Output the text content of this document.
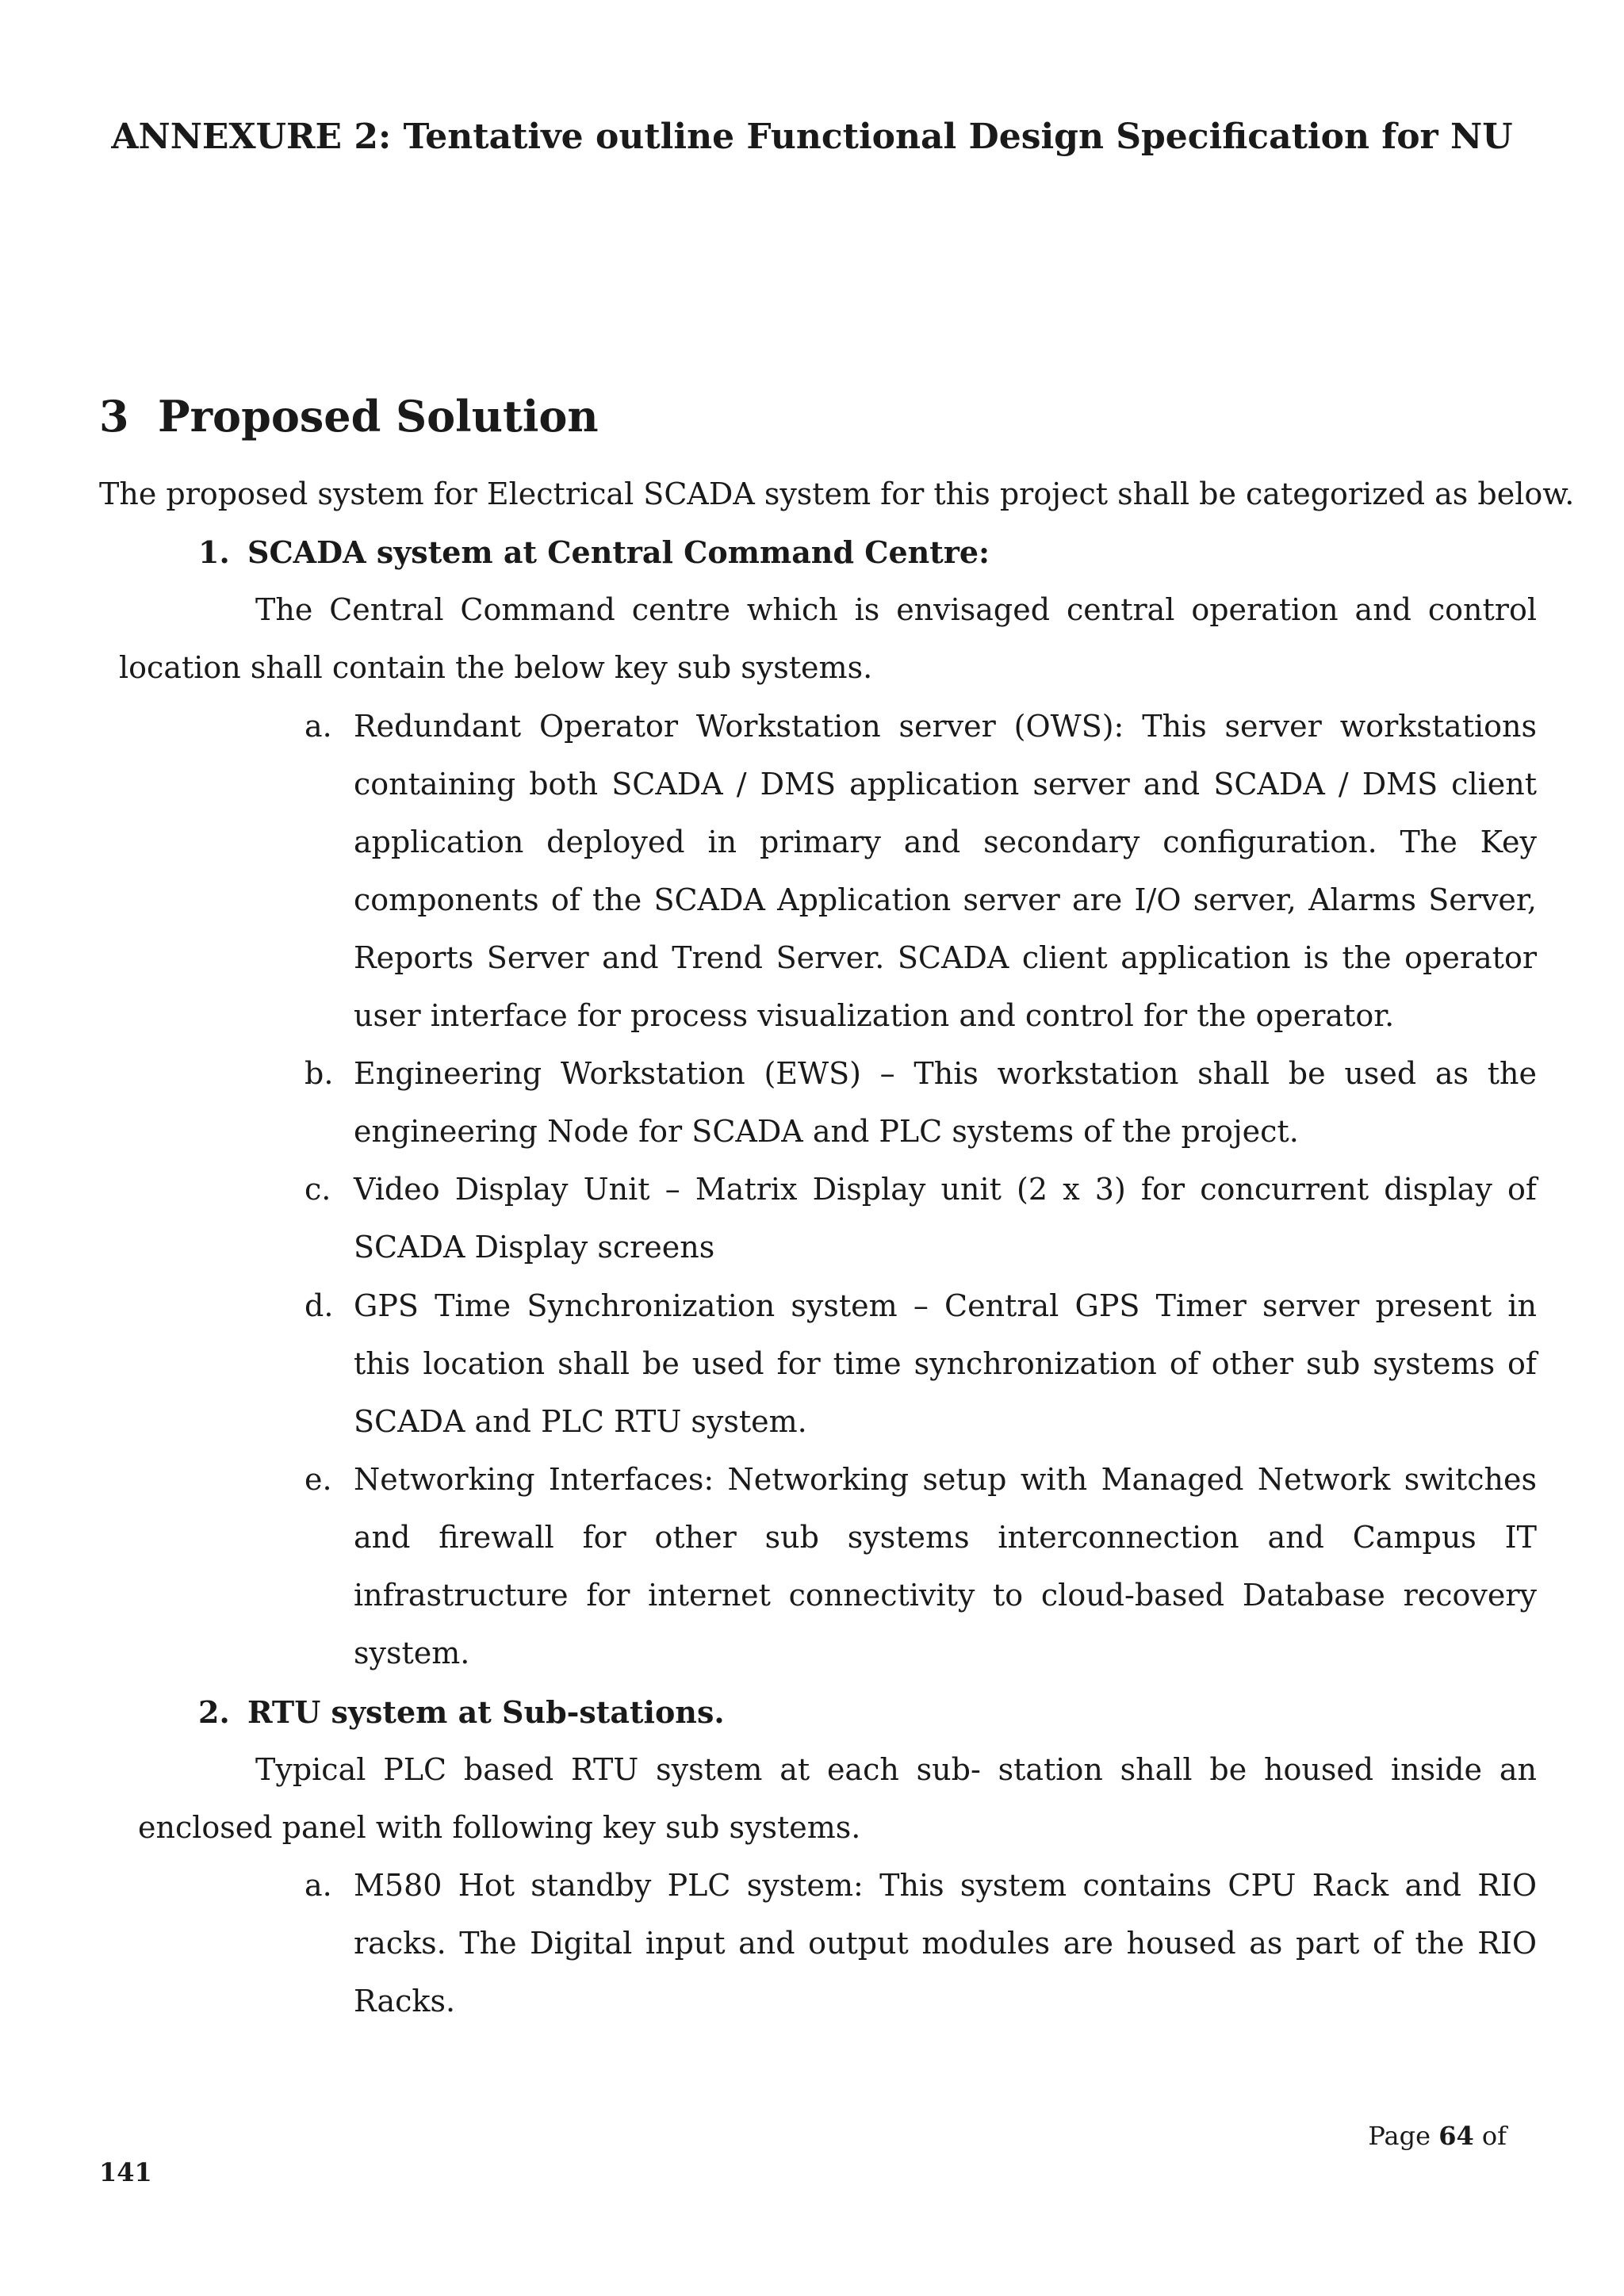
ANNEXURE 2: Tentative outline Functional Design Specification for NU
3 Proposed Solution

The proposed system for Electrical SCADA system for this project shall be categorized as below.

1. SCADA system at Central Command Centre:

The Central Command centre which is envisaged central operation and control location shall contain the below key sub systems.

a. Redundant Operator Workstation server (OWS): This server workstations containing both SCADA / DMS application server and SCADA / DMS client application deployed in primary and secondary configuration. The Key components of the SCADA Application server are I/O server, Alarms Server, Reports Server and Trend Server. SCADA client application is the operator user interface for process visualization and control for the operator.
b. Engineering Workstation (EWS) – This workstation shall be used as the engineering Node for SCADA and PLC systems of the project.
c. Video Display Unit – Matrix Display unit (2 x 3) for concurrent display of SCADA Display screens
d. GPS Time Synchronization system – Central GPS Timer server present in this location shall be used for time synchronization of other sub systems of SCADA and PLC RTU system.
e. Networking Interfaces: Networking setup with Managed Network switches and firewall for other sub systems interconnection and Campus IT infrastructure for internet connectivity to cloud-based Database recovery system.
2. RTU system at Sub-stations.

Typical PLC based RTU system at each sub- station shall be housed inside an enclosed panel with following key sub systems.

a. M580 Hot standby PLC system: This system contains CPU Rack and RIO racks. The Digital input and output modules are housed as part of the RIO Racks.
Page 64 of
141
